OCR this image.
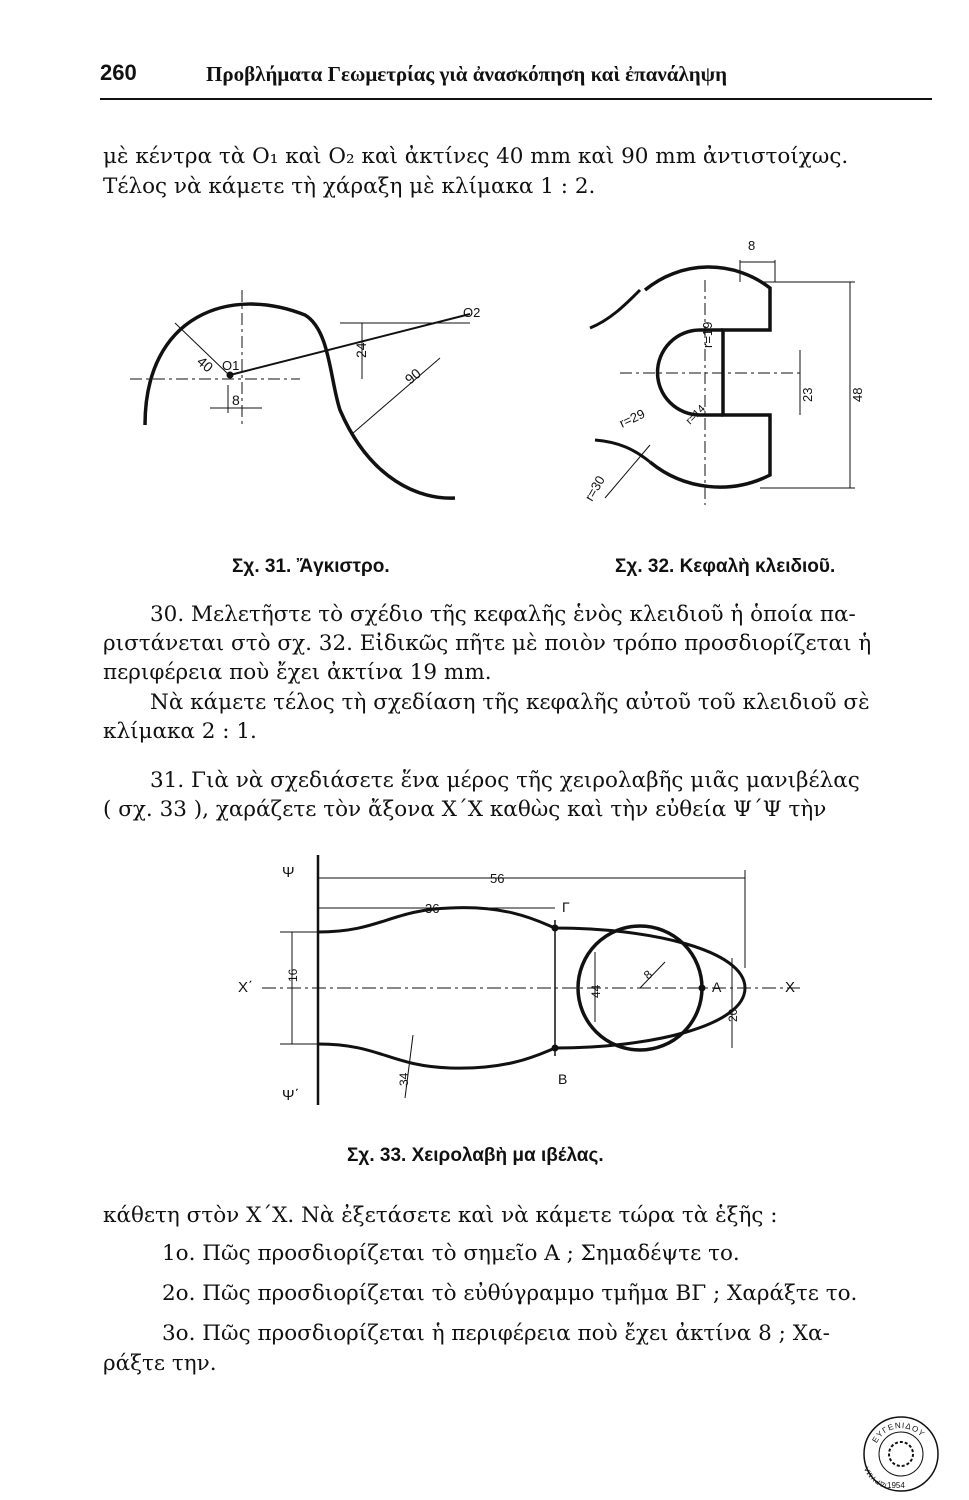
260	Προβλήματα Γεωμετρίας γιὰ ἀνασκόπηση καὶ ἐπανάληψη
μὲ κέντρα τὰ O₁ καὶ O₂ καὶ ἀκτίνες 40 mm καὶ 90 mm ἀντιστοίχως.
Τέλος νὰ κάμετε τὴ χάραξη μὲ κλίμακα 1 : 2.
O1
O2
40
90
24
8
8
r=19
r=29	r=14
r=30
23	48
Σχ. 31. Ἄγκιστρο.	Σχ. 32. Κεφαλὴ κλειδιοῦ.
30. Μελετῆστε τὸ σχέδιο τῆς κεφαλῆς ἑνὸς κλειδιοῦ ἡ ὁποία πα-
ριστάνεται στὸ σχ. 32. Εἰδικῶς πῆτε μὲ ποιὸν τρόπο προσδιορίζεται ἡ
περιφέρεια ποὺ ἔχει ἀκτίνα 19 mm.
Νὰ κάμετε τέλος τὴ σχεδίαση τῆς κεφαλῆς αὐτοῦ τοῦ κλειδιοῦ σὲ
κλίμακα 2 : 1.
31. Γιὰ νὰ σχεδιάσετε ἕνα μέρος τῆς χειρολαβῆς μιᾶς μανιβέλας
( σχ. 33 ), χαράζετε τὸν ἄξονα X΄X καθὼς καὶ τὴν εὐθεία Ψ΄Ψ τὴν
Ψ
Ψ΄
X΄	X
56
36
16
44
8
20
34
A
B
Γ
Σχ. 33. Χειρολαβὴ μα ιβέλας.
κάθετη στὸν X΄X. Νὰ ἐξετάσετε καὶ νὰ κάμετε τώρα τὰ ἑξῆς :
1ο. Πῶς προσδιορίζεται τὸ σημεῖο A ; Σημαδέψτε το.
2ο. Πῶς προσδιορίζεται τὸ εὐθύγραμμο τμῆμα ΒΓ ; Χαράξτε το.
3ο. Πῶς προσδιορίζεται ἡ περιφέρεια ποὺ ἔχει ἀκτίνα 8 ; Χα-
ράξτε την.
ΕΥΓΕΝΙΔΟΥ
ΙΔΡΥΜΑ
1954
